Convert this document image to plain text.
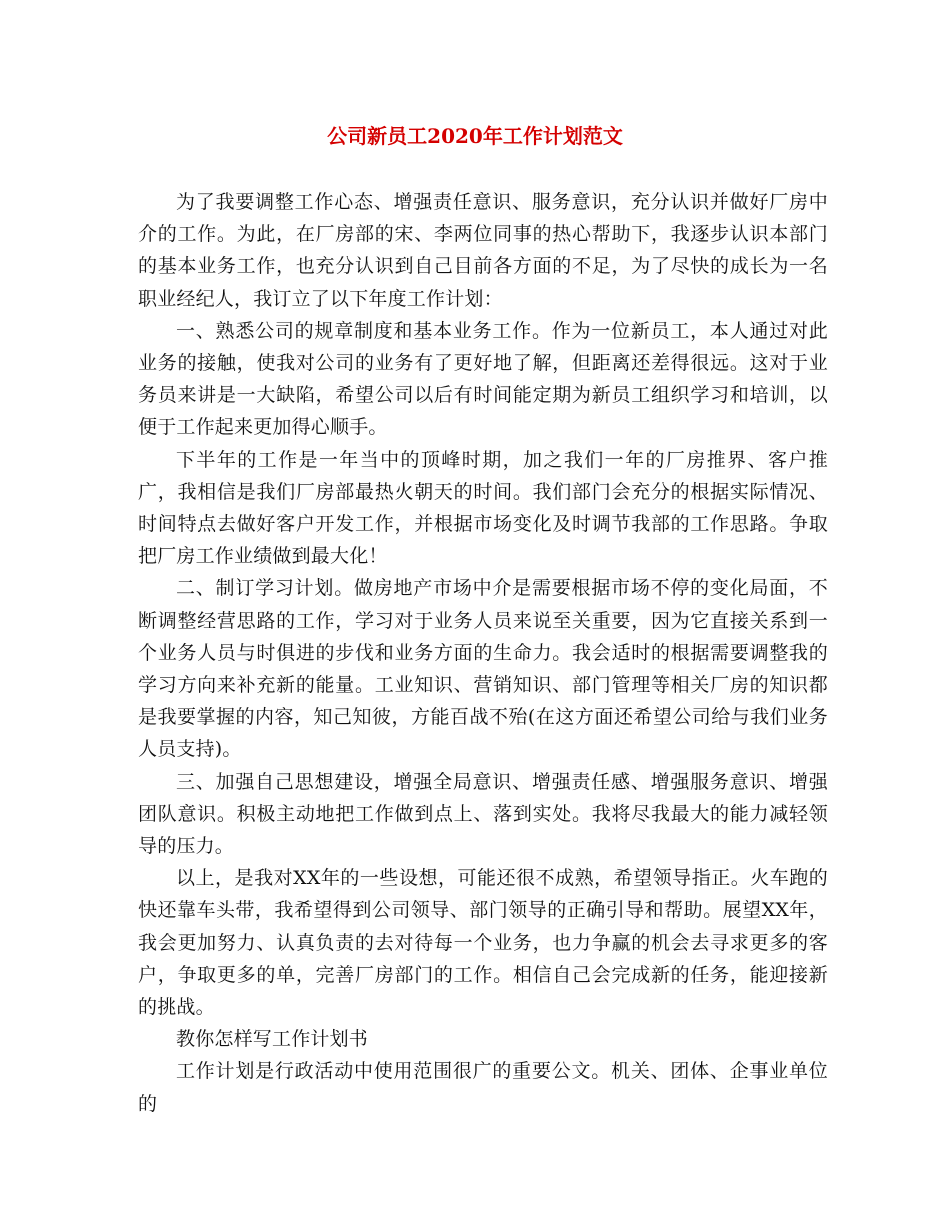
公司新员工2020年工作计划范文

为了我要调整工作心态、增强责任意识、服务意识，充分认识并做好厂房中介的工作。为此，在厂房部的宋、李两位同事的热心帮助下，我逐步认识本部门的基本业务工作，也充分认识到自己目前各方面的不足，为了尽快的成长为一名职业经纪人，我订立了以下年度工作计划：

一、熟悉公司的规章制度和基本业务工作。作为一位新员工，本人通过对此业务的接触，使我对公司的业务有了更好地了解，但距离还差得很远。这对于业务员来讲是一大缺陷，希望公司以后有时间能定期为新员工组织学习和培训，以便于工作起来更加得心顺手。

下半年的工作是一年当中的顶峰时期，加之我们一年的厂房推界、客户推广，我相信是我们厂房部最热火朝天的时间。我们部门会充分的根据实际情况、时间特点去做好客户开发工作，并根据市场变化及时调节我部的工作思路。争取把厂房工作业绩做到最大化！

二、制订学习计划。做房地产市场中介是需要根据市场不停的变化局面，不断调整经营思路的工作，学习对于业务人员来说至关重要，因为它直接关系到一个业务人员与时俱进的步伐和业务方面的生命力。我会适时的根据需要调整我的学习方向来补充新的能量。工业知识、营销知识、部门管理等相关厂房的知识都是我要掌握的内容，知己知彼，方能百战不殆(在这方面还希望公司给与我们业务人员支持)。

三、加强自己思想建设，增强全局意识、增强责任感、增强服务意识、增强团队意识。积极主动地把工作做到点上、落到实处。我将尽我最大的能力减轻领导的压力。

以上，是我对XX年的一些设想，可能还很不成熟，希望领导指正。火车跑的快还靠车头带，我希望得到公司领导、部门领导的正确引导和帮助。展望XX年，我会更加努力、认真负责的去对待每一个业务，也力争赢的机会去寻求更多的客户，争取更多的单，完善厂房部门的工作。相信自己会完成新的任务，能迎接新的挑战。

教你怎样写工作计划书

工作计划是行政活动中使用范围很广的重要公文。机关、团体、企事业单位的
